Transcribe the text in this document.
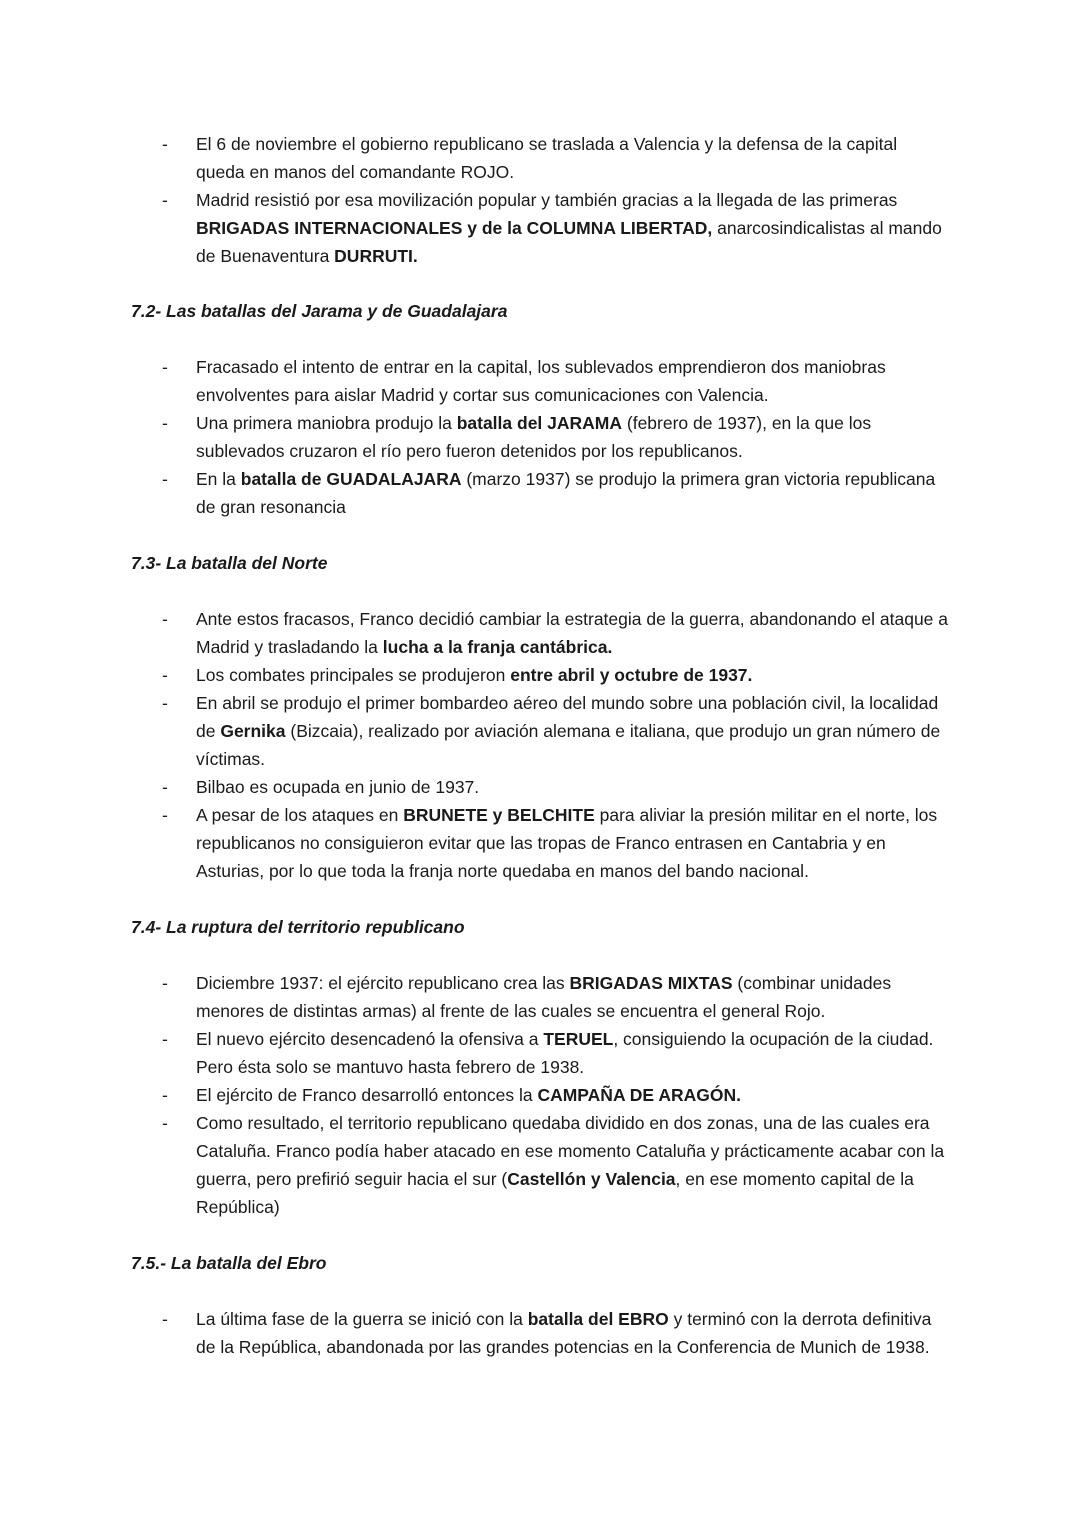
- El 6 de noviembre el gobierno republicano se traslada a Valencia y la defensa de la capital queda en manos del comandante ROJO.
- Madrid resistió por esa movilización popular y también gracias a la llegada de las primeras BRIGADAS INTERNACIONALES y de la COLUMNA LIBERTAD, anarcosindicalistas al mando de Buenaventura DURRUTI.
7.2- Las batallas del Jarama y de Guadalajara
- Fracasado el intento de entrar en la capital, los sublevados emprendieron dos maniobras envolventes para aislar Madrid y cortar sus comunicaciones con Valencia.
- Una primera maniobra produjo la batalla del JARAMA (febrero de 1937), en la que los sublevados cruzaron el río pero fueron detenidos por los republicanos.
- En la batalla de GUADALAJARA (marzo 1937) se produjo la primera gran victoria republicana de gran resonancia
7.3- La batalla del Norte
- Ante estos fracasos, Franco decidió cambiar la estrategia de la guerra, abandonando el ataque a Madrid y trasladando la lucha a la franja cantábrica.
- Los combates principales se produjeron entre abril y octubre de 1937.
- En abril se produjo el primer bombardeo aéreo del mundo sobre una población civil, la localidad de Gernika (Bizcaia), realizado por aviación alemana e italiana, que produjo un gran número de víctimas.
- Bilbao es ocupada en junio de 1937.
- A pesar de los ataques en BRUNETE y BELCHITE para aliviar la presión militar en el norte, los republicanos no consiguieron evitar que las tropas de Franco entrasen en Cantabria y en Asturias, por lo que toda la franja norte quedaba en manos del bando nacional.
7.4- La ruptura del territorio republicano
- Diciembre 1937: el ejército republicano crea las BRIGADAS MIXTAS (combinar unidades menores de distintas armas) al frente de las cuales se encuentra el general Rojo.
- El nuevo ejército desencadenó la ofensiva a TERUEL, consiguiendo la ocupación de la ciudad. Pero ésta solo se mantuvo hasta febrero de 1938.
- El ejército de Franco desarrolló entonces la CAMPAÑA DE ARAGÓN.
- Como resultado, el territorio republicano quedaba dividido en dos zonas, una de las cuales era Cataluña. Franco podía haber atacado en ese momento Cataluña y prácticamente acabar con la guerra, pero prefirió seguir hacia el sur (Castellón y Valencia, en ese momento capital de la República)
7.5.- La batalla del Ebro
- La última fase de la guerra se inició con la batalla del EBRO y terminó con la derrota definitiva de la República, abandonada por las grandes potencias en la Conferencia de Munich de 1938.
